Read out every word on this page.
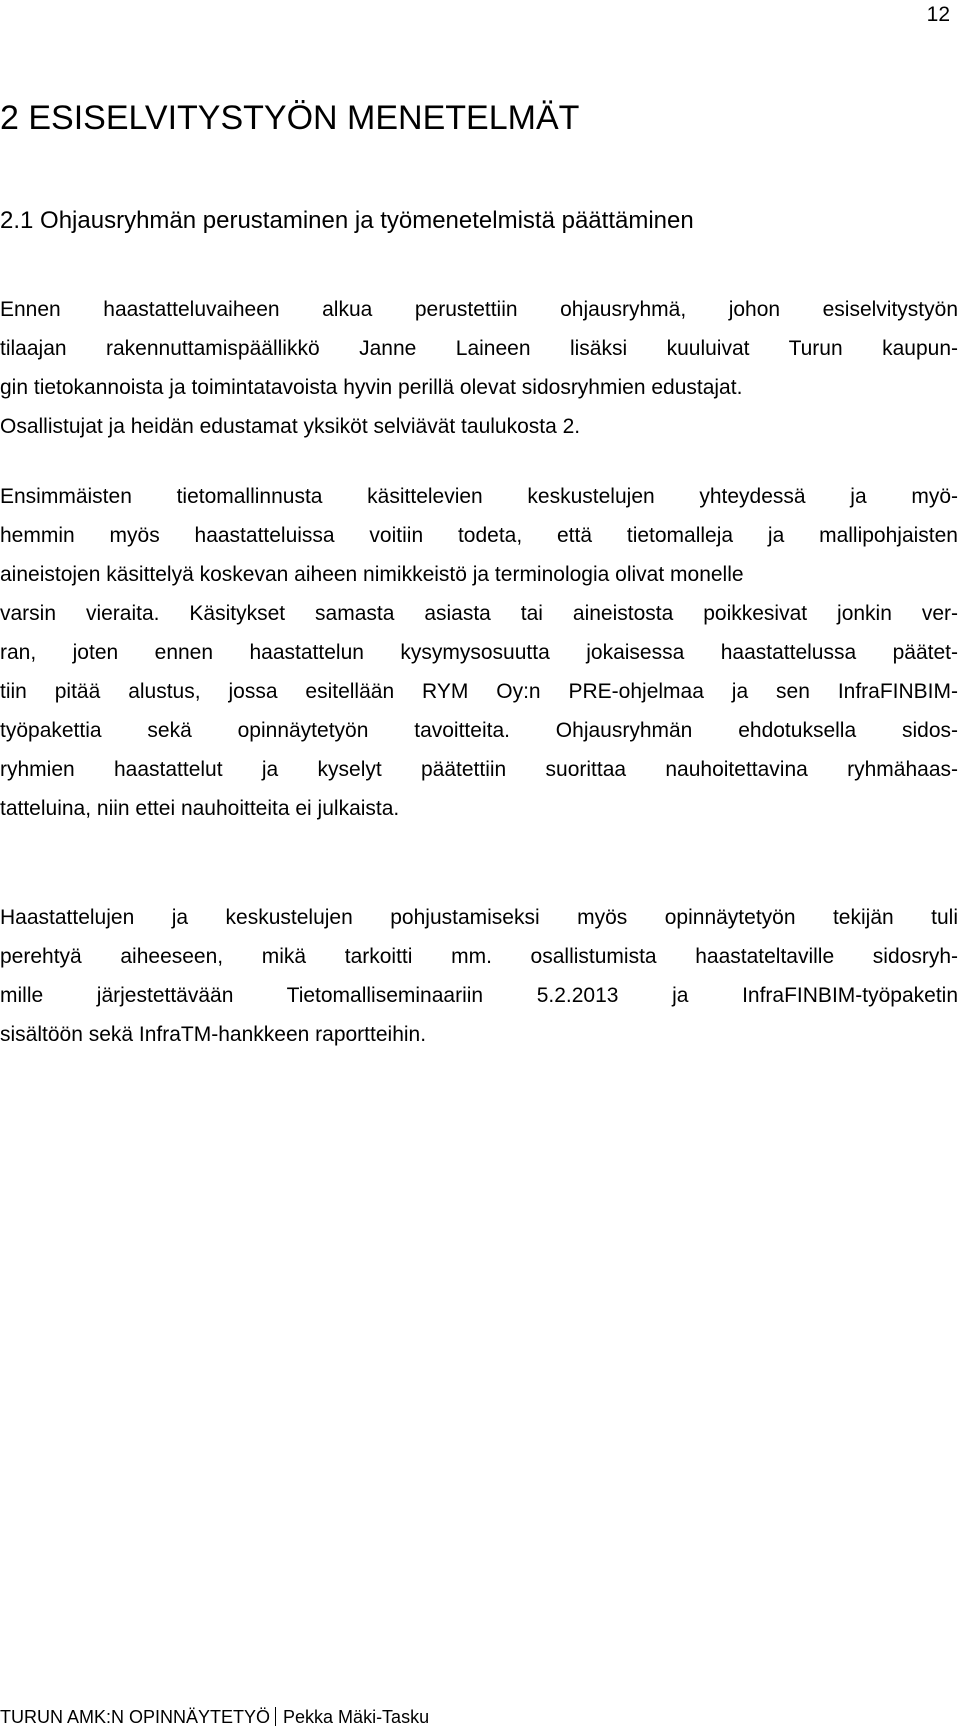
12
2 ESISELVITYSTYÖN MENETELMÄT
2.1 Ohjausryhmän perustaminen ja työmenetelmistä päättäminen
Ennen haastatteluvaiheen alkua perustettiin ohjausryhmä, johon esiselvitystyön
tilaajan rakennuttamispäällikkö Janne Laineen lisäksi kuuluivat Turun kaupun-
gin tietokannoista ja toimintatavoista hyvin perillä olevat sidosryhmien edustajat.
Osallistujat ja heidän edustamat yksiköt selviävät taulukosta 2.
Ensimmäisten tietomallinnusta käsittelevien keskustelujen yhteydessä ja myö-
hemmin myös haastatteluissa voitiin todeta, että tietomalleja ja mallipohjaisten
aineistojen käsittelyä koskevan aiheen nimikkeistö ja terminologia olivat monelle
varsin vieraita. Käsitykset samasta asiasta tai aineistosta poikkesivat jonkin ver-
ran, joten ennen haastattelun kysymysosuutta jokaisessa haastattelussa päätet-
tiin pitää alustus, jossa esitellään RYM Oy:n PRE-ohjelmaa ja sen InfraFINBIM-
työpakettia sekä opinnäytetyön tavoitteita. Ohjausryhmän ehdotuksella sidos-
ryhmien haastattelut ja kyselyt päätettiin suorittaa nauhoitettavina ryhmähaas-
tatteluina, niin ettei nauhoitteita ei julkaista.
Haastattelujen ja keskustelujen pohjustamiseksi myös opinnäytetyön tekijän tuli
perehtyä aiheeseen, mikä tarkoitti mm. osallistumista haastateltaville sidosryh-
mille järjestettävään Tietomalliseminaariin 5.2.2013 ja InfraFINBIM-työpaketin
sisältöön sekä InfraTM-hankkeen raportteihin.
TURUN AMK:N OPINNÄYTETYÖ Pekka Mäki-Tasku
